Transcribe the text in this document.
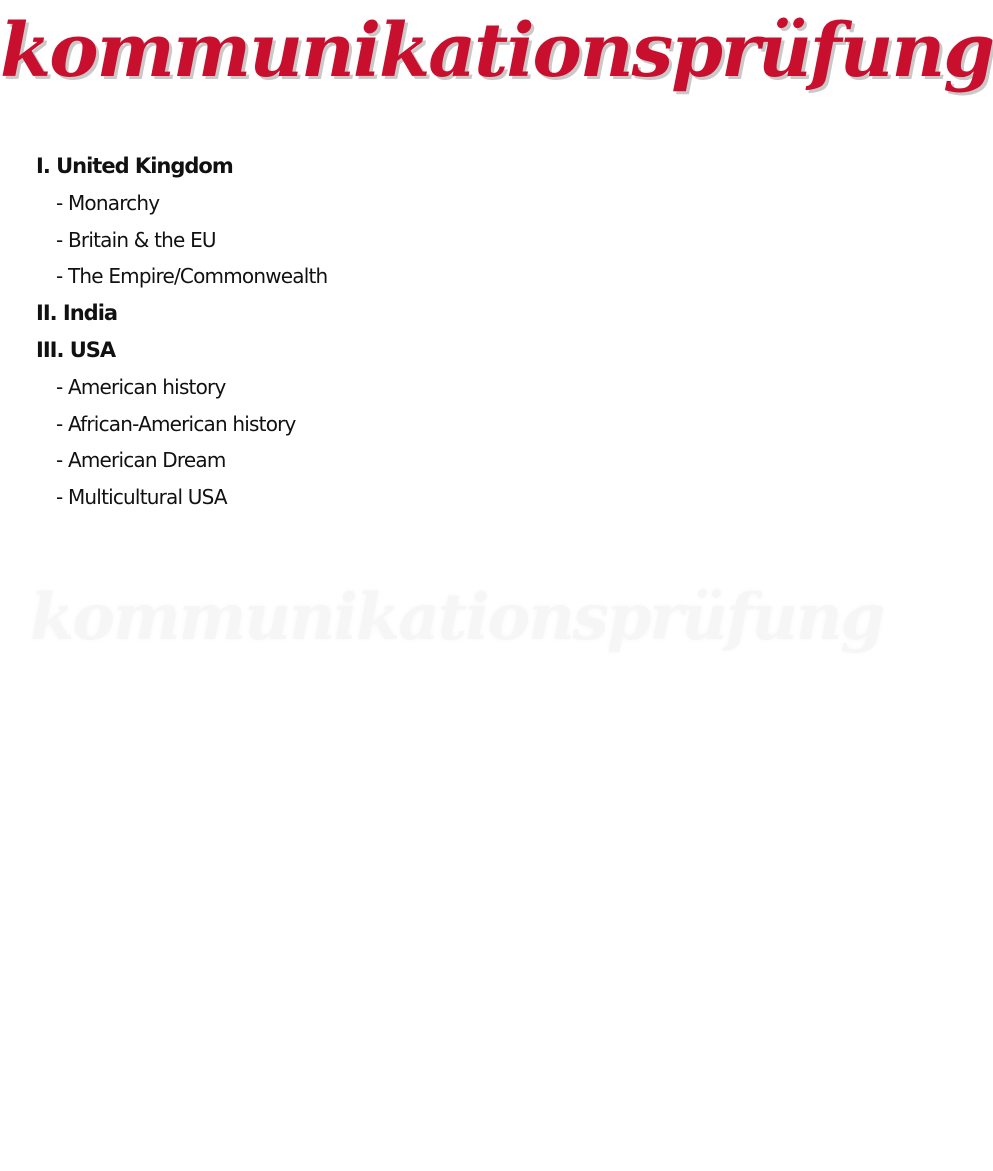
kommunikationsprüfung
kommunikationsprüfung
I. United Kingdom
- Monarchy
- Britain & the EU
- The Empire/Commonwealth
II. India
III. USA
- American history
- African-American history
- American Dream
- Multicultural USA
